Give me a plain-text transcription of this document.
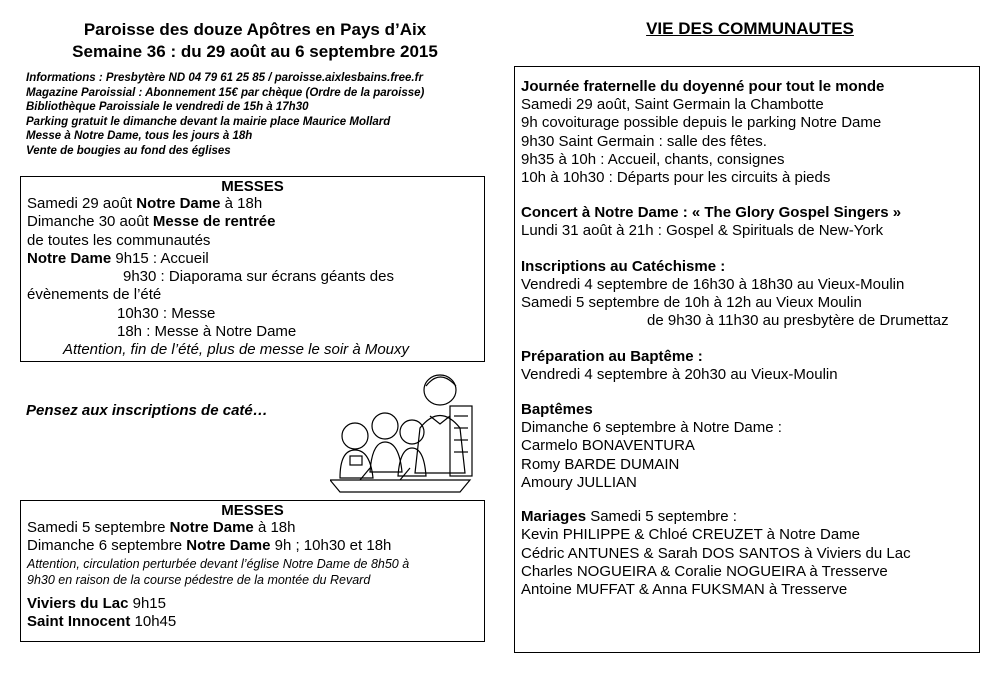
Paroisse des douze Apôtres en Pays d’Aix
Semaine 36 : du 29 août au 6 septembre 2015
Informations : Presbytère ND 04 79 61 25 85 / paroisse.aixlesbains.free.fr
Magazine Paroissial : Abonnement 15€ par chèque (Ordre de la paroisse)
Bibliothèque Paroissiale le vendredi de 15h à 17h30
Parking gratuit le dimanche devant la mairie place Maurice Mollard
Messe à Notre Dame, tous les jours à 18h
Vente de bougies au fond des églises
MESSES
Samedi 29 août Notre Dame à 18h
Dimanche 30 août Messe de rentrée
de toutes les communautés
Notre Dame 9h15 : Accueil
9h30 : Diaporama sur écrans géants des
évènements de l’été
10h30 : Messe
18h : Messe à Notre Dame
Attention, fin de l’été, plus de messe le soir à Mouxy
Pensez aux inscriptions de caté…
MESSES
Samedi 5 septembre Notre Dame à 18h
Dimanche 6 septembre Notre Dame 9h ; 10h30 et 18h
Attention, circulation perturbée devant l’église Notre Dame de 8h50 à
9h30 en raison de la course pédestre de la montée du Revard
Viviers du Lac 9h15
Saint Innocent 10h45
VIE DES COMMUNAUTES
Journée fraternelle du doyenné pour tout le monde
Samedi 29 août, Saint Germain la Chambotte
9h covoiturage possible depuis le parking Notre Dame
9h30 Saint Germain : salle des fêtes.
9h35 à 10h : Accueil, chants, consignes
10h à 10h30 : Départs pour les circuits à pieds
Concert à Notre Dame : « The Glory Gospel Singers »
Lundi 31 août à 21h : Gospel & Spirituals de New-York
Inscriptions au Catéchisme :
Vendredi 4 septembre de 16h30 à 18h30 au Vieux-Moulin
Samedi 5 septembre de 10h à 12h au Vieux Moulin
de 9h30 à 11h30 au presbytère de Drumettaz
Préparation au Baptême :
Vendredi 4 septembre à 20h30 au Vieux-Moulin
Baptêmes
Dimanche 6 septembre à Notre Dame :
Carmelo BONAVENTURA
Romy BARDE DUMAIN
Amoury JULLIAN
Mariages Samedi 5 septembre :
Kevin PHILIPPE & Chloé CREUZET à Notre Dame
Cédric ANTUNES & Sarah DOS SANTOS à Viviers du Lac
Charles NOGUEIRA & Coralie NOGUEIRA à Tresserve
Antoine MUFFAT & Anna FUKSMAN à Tresserve
